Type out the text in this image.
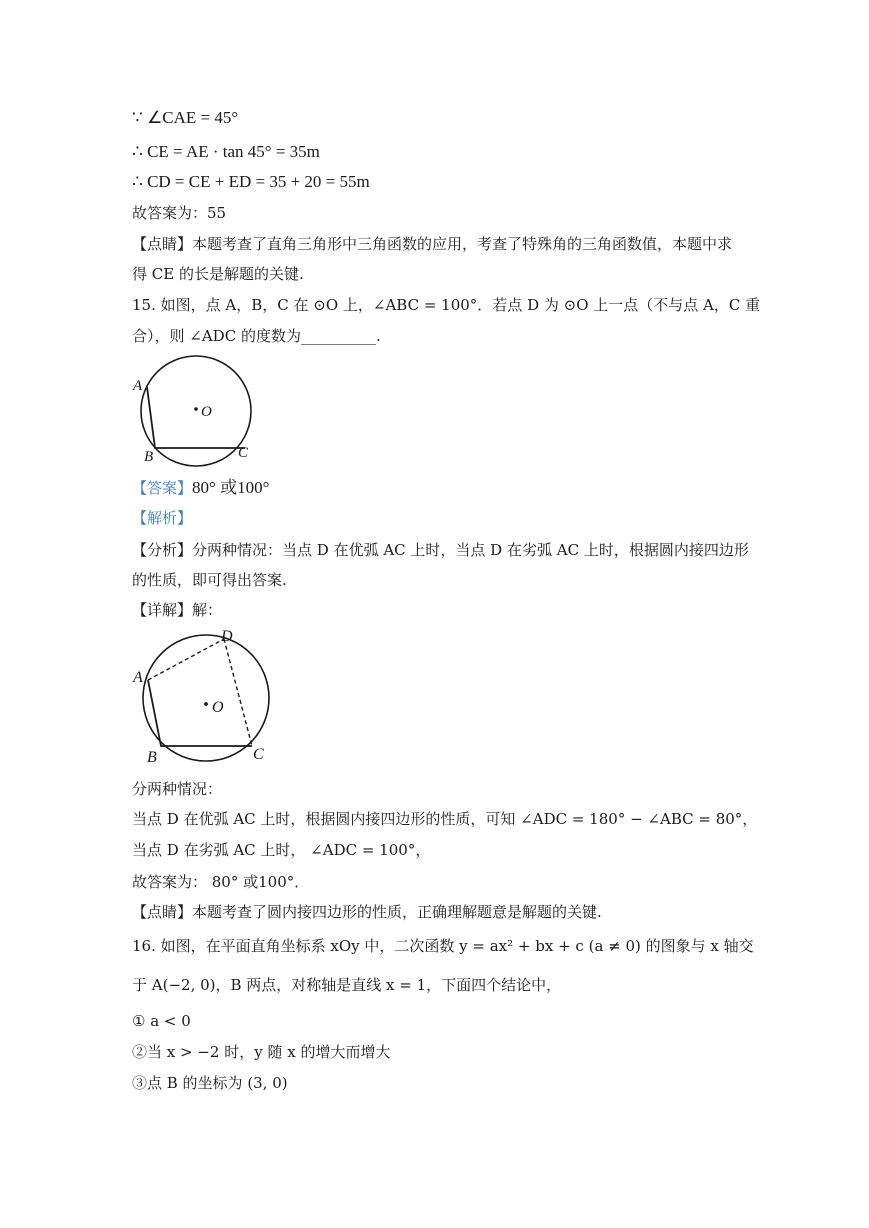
∵ ∠CAE = 45°
∴ CE = AE · tan 45° = 35m
∴ CD = CE + ED = 35 + 20 = 55m
故答案为：55
【点睛】本题考查了直角三角形中三角函数的应用，考查了特殊角的三角函数值，本题中求
得 CE 的长是解题的关键.
15. 如图，点 A，B，C 在 ⊙O 上，∠ABC = 100°．若点 D 为 ⊙O 上一点（不与点 A，C 重
合），则 ∠ADC 的度数为__________.
A
B	C
O
【答案】80° 或100°
【解析】
【分析】分两种情况：当点 D 在优弧 AC 上时，当点 D 在劣弧 AC 上时，根据圆内接四边形
的性质，即可得出答案.
【详解】解：
A
B	C
D
O
分两种情况：
当点 D 在优弧 AC 上时，根据圆内接四边形的性质，可知 ∠ADC = 180° − ∠ABC = 80°，
当点 D 在劣弧 AC 上时， ∠ADC = 100°，
故答案为： 80° 或100°．
【点睛】本题考查了圆内接四边形的性质，正确理解题意是解题的关键.
16. 如图，在平面直角坐标系 xOy 中，二次函数 y = ax² + bx + c (a ≠ 0) 的图象与 x 轴交
于 A(−2, 0)，B 两点，对称轴是直线 x = 1，下面四个结论中，
① a < 0
②当 x > −2 时，y 随 x 的增大而增大
③点 B 的坐标为 (3, 0)
